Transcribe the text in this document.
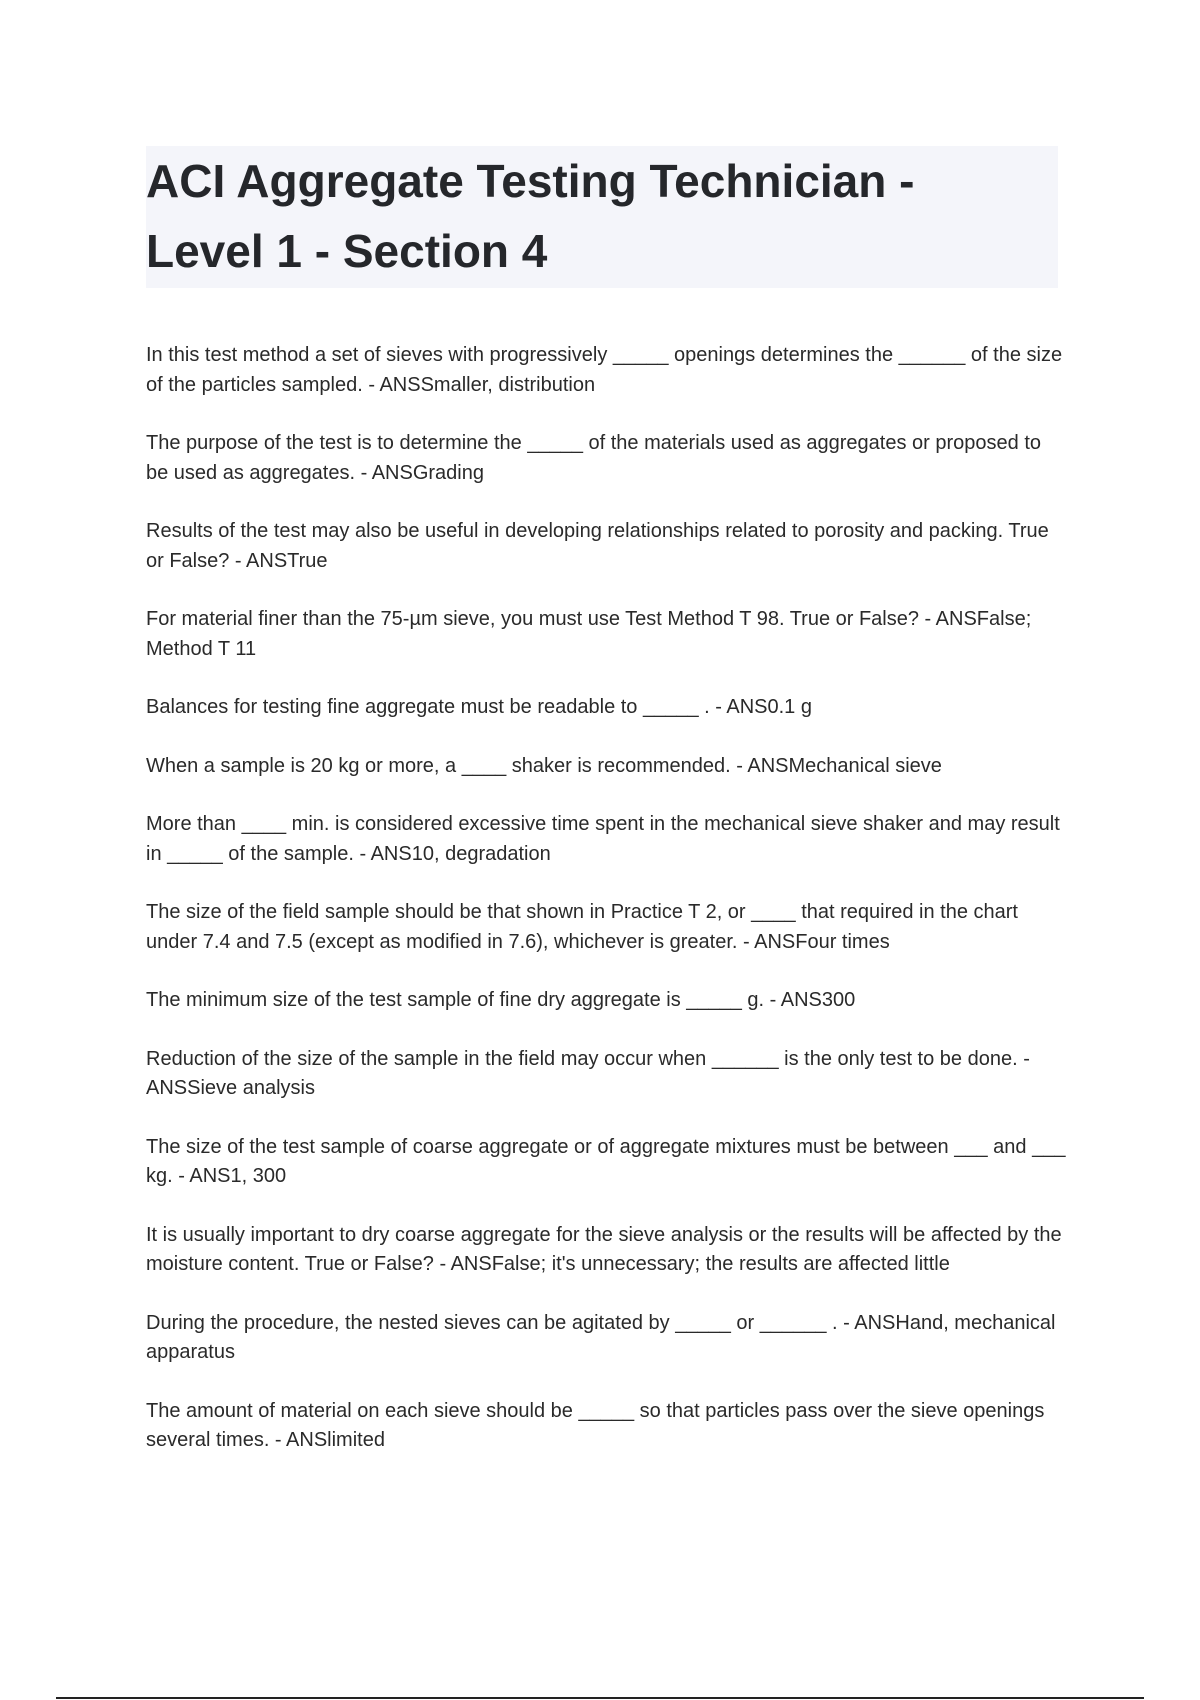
ACI Aggregate Testing Technician -
Level 1 - Section 4

In this test method a set of sieves with progressively _____ openings determines the ______ of the size of the particles sampled. - ANSSmaller, distribution

The purpose of the test is to determine the _____ of the materials used as aggregates or proposed to be used as aggregates. - ANSGrading

Results of the test may also be useful in developing relationships related to porosity and packing. True or False? - ANSTrue

For material finer than the 75-µm sieve, you must use Test Method T 98. True or False? - ANSFalse; Method T 11

Balances for testing fine aggregate must be readable to _____ . - ANS0.1 g

When a sample is 20 kg or more, a ____ shaker is recommended. - ANSMechanical sieve

More than ____ min. is considered excessive time spent in the mechanical sieve shaker and may result in _____ of the sample. - ANS10, degradation

The size of the field sample should be that shown in Practice T 2, or ____ that required in the chart under 7.4 and 7.5 (except as modified in 7.6), whichever is greater. - ANSFour times

The minimum size of the test sample of fine dry aggregate is _____ g. - ANS300

Reduction of the size of the sample in the field may occur when ______ is the only test to be done. - ANSSieve analysis

The size of the test sample of coarse aggregate or of aggregate mixtures must be between ___ and ___ kg. - ANS1, 300

It is usually important to dry coarse aggregate for the sieve analysis or the results will be affected by the moisture content. True or False? - ANSFalse; it's unnecessary; the results are affected little

During the procedure, the nested sieves can be agitated by _____ or ______ . - ANSHand, mechanical apparatus

The amount of material on each sieve should be _____ so that particles pass over the sieve openings several times. - ANSlimited
